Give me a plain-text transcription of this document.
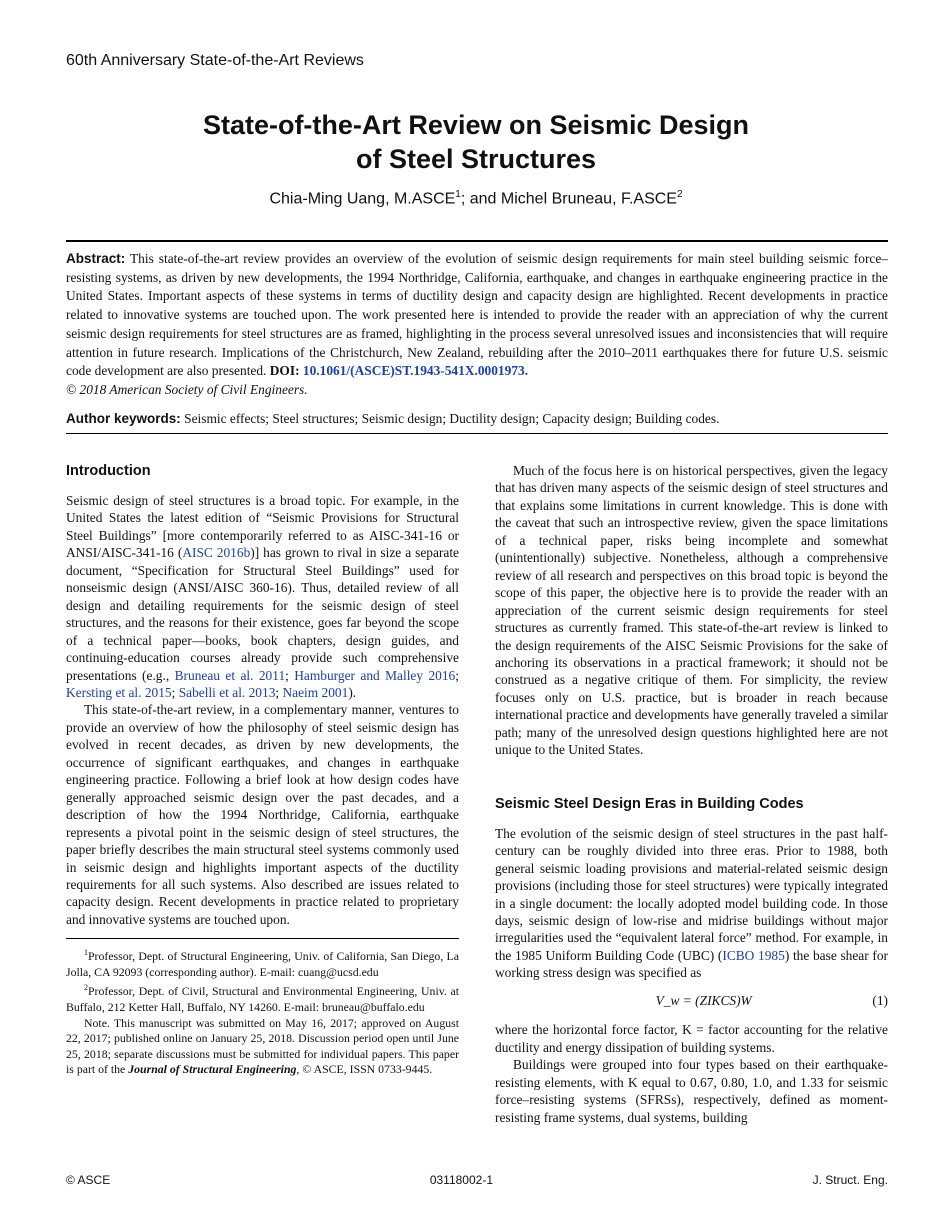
60th Anniversary State-of-the-Art Reviews
State-of-the-Art Review on Seismic Design
of Steel Structures
Chia-Ming Uang, M.ASCE$^1$; and Michel Bruneau, F.ASCE$^2$
Abstract: This state-of-the-art review provides an overview of the evolution of seismic design requirements for main steel building seismic force–resisting systems, as driven by new developments, the 1994 Northridge, California, earthquake, and changes in earthquake engineering practice in the United States. Important aspects of these systems in terms of ductility design and capacity design are highlighted. Recent developments in practice related to innovative systems are touched upon. The work presented here is intended to provide the reader with an appreciation of why the current seismic design requirements for steel structures are as framed, highlighting in the process several unresolved issues and inconsistencies that will require attention in future research. Implications of the Christchurch, New Zealand, rebuilding after the 2010–2011 earthquakes there for future U.S. seismic code development are also presented. DOI: 10.1061/(ASCE)ST.1943-541X.0001973.
© 2018 American Society of Civil Engineers.
Author keywords: Seismic effects; Steel structures; Seismic design; Ductility design; Capacity design; Building codes.
Introduction

Seismic design of steel structures is a broad topic. For example, in the United States the latest edition of “Seismic Provisions for Structural Steel Buildings” [more contemporarily referred to as AISC-341-16 or ANSI/AISC-341-16 (AISC 2016b)] has grown to rival in size a separate document, “Specification for Structural Steel Buildings” used for nonseismic design (ANSI/AISC 360-16). Thus, detailed review of all design and detailing requirements for the seismic design of steel structures, and the reasons for their existence, goes far beyond the scope of a technical paper—books, book chapters, design guides, and continuing-education courses already provide such comprehensive presentations (e.g., Bruneau et al. 2011; Hamburger and Malley 2016; Kersting et al. 2015; Sabelli et al. 2013; Naeim 2001).

This state-of-the-art review, in a complementary manner, ventures to provide an overview of how the philosophy of steel seismic design has evolved in recent decades, as driven by new developments, the occurrence of significant earthquakes, and changes in earthquake engineering practice. Following a brief look at how design codes have generally approached seismic design over the past decades, and a description of how the 1994 Northridge, California, earthquake represents a pivotal point in the seismic design of steel structures, the paper briefly describes the main structural steel systems commonly used in seismic design and highlights important aspects of the ductility requirements for all such systems. Also described are issues related to capacity design. Recent developments in practice related to proprietary and innovative systems are touched upon.

$^1$Professor, Dept. of Structural Engineering, Univ. of California, San Diego, La Jolla, CA 92093 (corresponding author). E-mail: cuang@ucsd.edu

$^2$Professor, Dept. of Civil, Structural and Environmental Engineering, Univ. at Buffalo, 212 Ketter Hall, Buffalo, NY 14260. E-mail: bruneau@buffalo.edu

Note. This manuscript was submitted on May 16, 2017; approved on August 22, 2017; published online on January 25, 2018. Discussion period open until June 25, 2018; separate discussions must be submitted for individual papers. This paper is part of the Journal of Structural Engineering, © ASCE, ISSN 0733-9445.

Much of the focus here is on historical perspectives, given the legacy that has driven many aspects of the seismic design of steel structures and that explains some limitations in current knowledge. This is done with the caveat that such an introspective review, given the space limitations of a technical paper, risks being incomplete and somewhat (unintentionally) subjective. Nonetheless, although a comprehensive review of all research and perspectives on this broad topic is beyond the scope of this paper, the objective here is to provide the reader with an appreciation of the current seismic design requirements for steel structures as currently framed. This state-of-the-art review is linked to the design requirements of the AISC Seismic Provisions for the sake of anchoring its observations in a practical framework; it should not be construed as a negative critique of them. For simplicity, the review focuses only on U.S. practice, but is broader in reach because international practice and developments have generally traveled a similar path; many of the unresolved design questions highlighted here are not unique to the United States.

Seismic Steel Design Eras in Building Codes

The evolution of the seismic design of steel structures in the past half-century can be roughly divided into three eras. Prior to 1988, both general seismic loading provisions and material-related seismic design provisions (including those for steel structures) were typically integrated in a single document: the locally adopted model building code. In those days, seismic design of low-rise and midrise buildings without major irregularities used the “equivalent lateral force” method. For example, in the 1985 Uniform Building Code (UBC) (ICBO 1985) the base shear for working stress design was specified as

V_w = (ZIKCS)W	(1)

where the horizontal force factor, K = factor accounting for the relative ductility and energy dissipation of building systems.

Buildings were grouped into four types based on their earthquake-resisting elements, with K equal to 0.67, 0.80, 1.0, and 1.33 for seismic force–resisting systems (SFRSs), respectively, defined as moment-resisting frame systems, dual systems, building

© ASCE	03118002-1	J. Struct. Eng.
